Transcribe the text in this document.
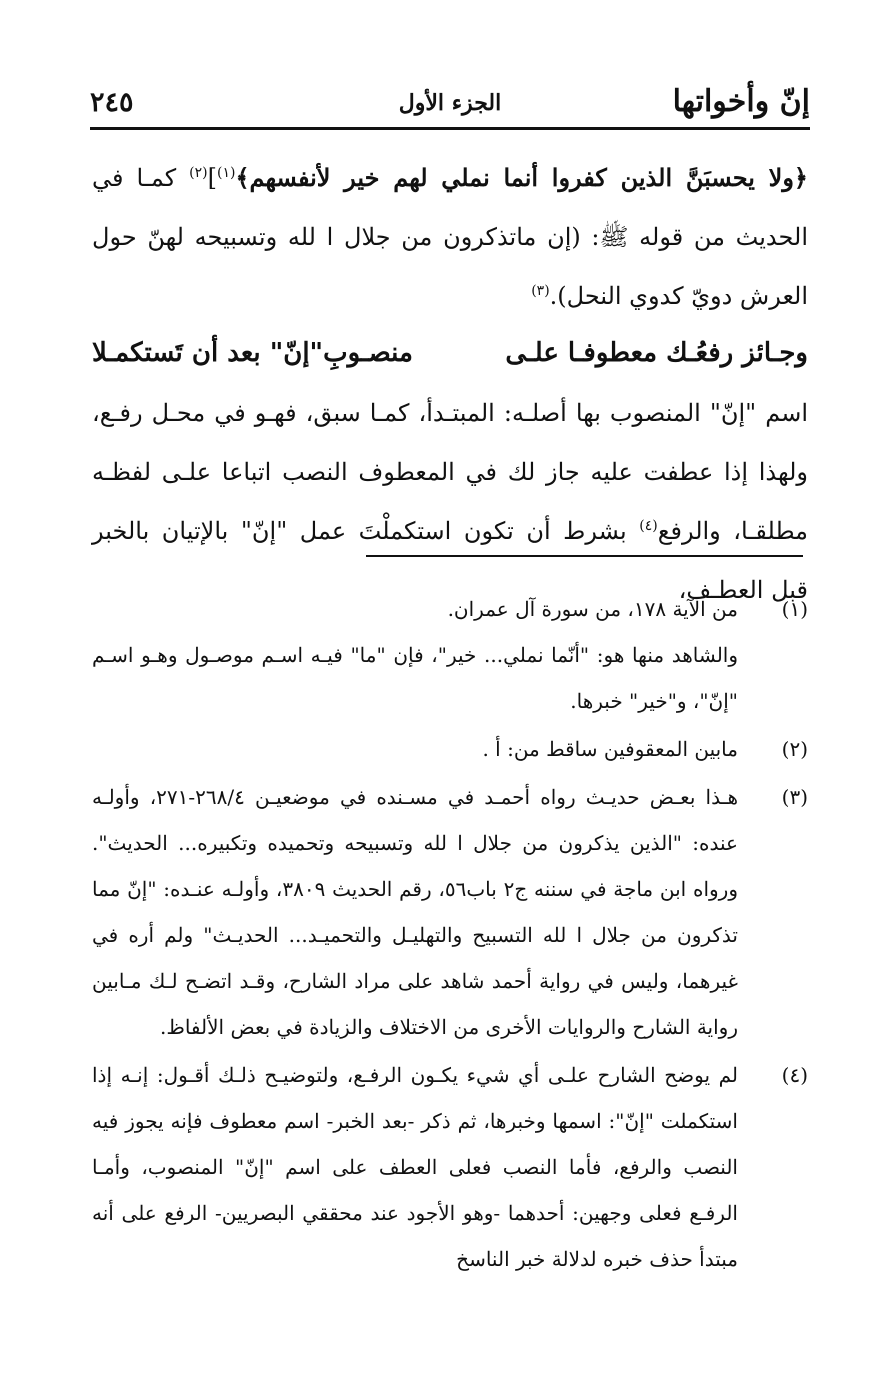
إنّ وأخواتها
الجزء الأول
٢٤٥

﴿ولا يحسبَنَّ الذين كفروا أنما نملي لهم خير لأنفسهم﴾$^{(١)}$]$^{(٢)}$ كمـا في الحديث من قوله ﷺ: (إن ماتذكرون من جلال ا لله وتسبيحه لهنّ حول العرش دويّ كدوي النحل).$^{(٣)}$

وجـائز رفعُـك معطوفـا علـى
منصـوبِ"إنّ" بعد أن تَستكمـلا

اسم "إنّ" المنصوب بها أصلـه: المبتـدأ، كمـا سبق، فهـو في محـل رفـع، ولهذا إذا عطفت عليه جاز لك في المعطوف النصب اتباعا علـى لفظـه مطلقـا، والرفع$^{(٤)}$ بشرط أن تكون استكملْتَ عمل "إنّ" بالإتيان بالخبر قبل العطـف،

(١)
من الآية ١٧٨، من سورة آل عمران.
والشاهد منها هو: "أنّما نملي... خير"، فإن "ما" فيـه اسـم موصـول وهـو اسـم "إنّ"، و"خير" خبرها.
(٢)
مابين المعقوفين ساقط من: أ .
(٣)
هـذا بعـض حديـث رواه أحمـد في مسـنده في موضعيـن ٢٦٨/٤-٢٧١، وأولـه عنده: "الذين يذكرون من جلال ا لله وتسبيحه وتحميده وتكبيره... الحديث". ورواه ابن ماجة في سننه ج٢ باب٥٦، رقم الحديث ٣٨٠٩، وأولـه عنـده: "إنّ مما تذكرون من جلال ا لله التسبيح والتهليـل والتحميـد... الحديـث" ولم أره في غيرهما، وليس في رواية أحمد شاهد على مراد الشارح، وقـد اتضـح لـك مـابين رواية الشارح والروايات الأخرى من الاختلاف والزيادة في بعض الألفاظ.
(٤)
لم يوضح الشارح علـى أي شيء يكـون الرفـع، ولتوضيـح ذلـك أقـول: إنـه إذا استكملت "إنّ": اسمها وخبرها، ثم ذكر -بعد الخبر- اسم معطوف فإنه يجوز فيه النصب والرفع، فأما النصب فعلى العطف على اسم "إنّ" المنصوب، وأمـا الرفـع فعلى وجهين: أحدهما -وهو الأجود عند محققي البصريين- الرفع على أنه مبتدأ حذف خبره لدلالة خبر الناسخ
